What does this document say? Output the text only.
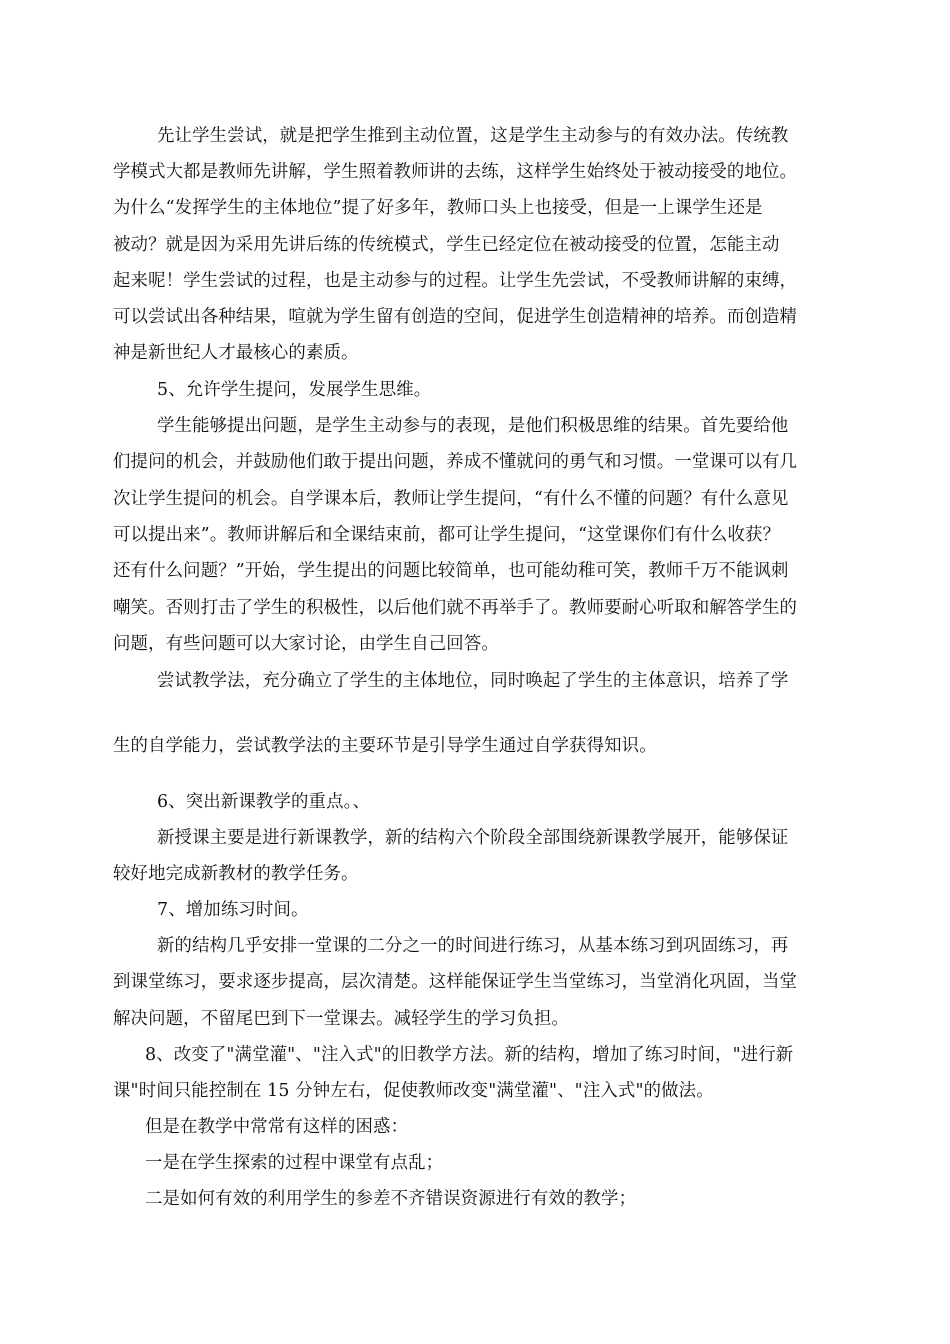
先让学生尝试，就是把学生推到主动位置，这是学生主动参与的有效办法。传统教
学模式大都是教师先讲解，学生照着教师讲的去练，这样学生始终处于被动接受的地位。
为什么“发挥学生的主体地位”提了好多年，教师口头上也接受，但是一上课学生还是
被动？就是因为采用先讲后练的传统模式，学生已经定位在被动接受的位置，怎能主动
起来呢！学生尝试的过程，也是主动参与的过程。让学生先尝试，不受教师讲解的束缚，
可以尝试出各种结果，喧就为学生留有创造的空间，促进学生创造精神的培养。而创造精
神是新世纪人才最核心的素质。
5、允许学生提问，发展学生思维。
学生能够提出问题，是学生主动参与的表现，是他们积极思维的结果。首先要给他
们提问的机会，并鼓励他们敢于提出问题，养成不懂就问的勇气和习惯。一堂课可以有几
次让学生提问的机会。自学课本后，教师让学生提问，“有什么不懂的问题？有什么意见
可以提出来”。教师讲解后和全课结束前，都可让学生提问，“这堂课你们有什么收获？
还有什么问题？”开始，学生提出的问题比较简单，也可能幼稚可笑，教师千万不能讽刺
嘲笑。否则打击了学生的积极性，以后他们就不再举手了。教师要耐心听取和解答学生的
问题，有些问题可以大家讨论，由学生自己回答。
尝试教学法，充分确立了学生的主体地位，同时唤起了学生的主体意识，培养了学
生的自学能力，尝试教学法的主要环节是引导学生通过自学获得知识。
6、突出新课教学的重点。、
新授课主要是进行新课教学，新的结构六个阶段全部围绕新课教学展开，能够保证
较好地完成新教材的教学任务。
7、增加练习时间。
新的结构几乎安排一堂课的二分之一的时间进行练习，从基本练习到巩固练习，再
到课堂练习，要求逐步提高，层次清楚。这样能保证学生当堂练习，当堂消化巩固，当堂
解决问题，不留尾巴到下一堂课去。减轻学生的学习负担。
8、改变了"满堂灌"、"注入式"的旧教学方法。新的结构，增加了练习时间，"进行新
课"时间只能控制在 15 分钟左右，促使教师改变"满堂灌"、"注入式"的做法。
但是在教学中常常有这样的困惑：
一是在学生探索的过程中课堂有点乱；
二是如何有效的利用学生的参差不齐错误资源进行有效的教学；
